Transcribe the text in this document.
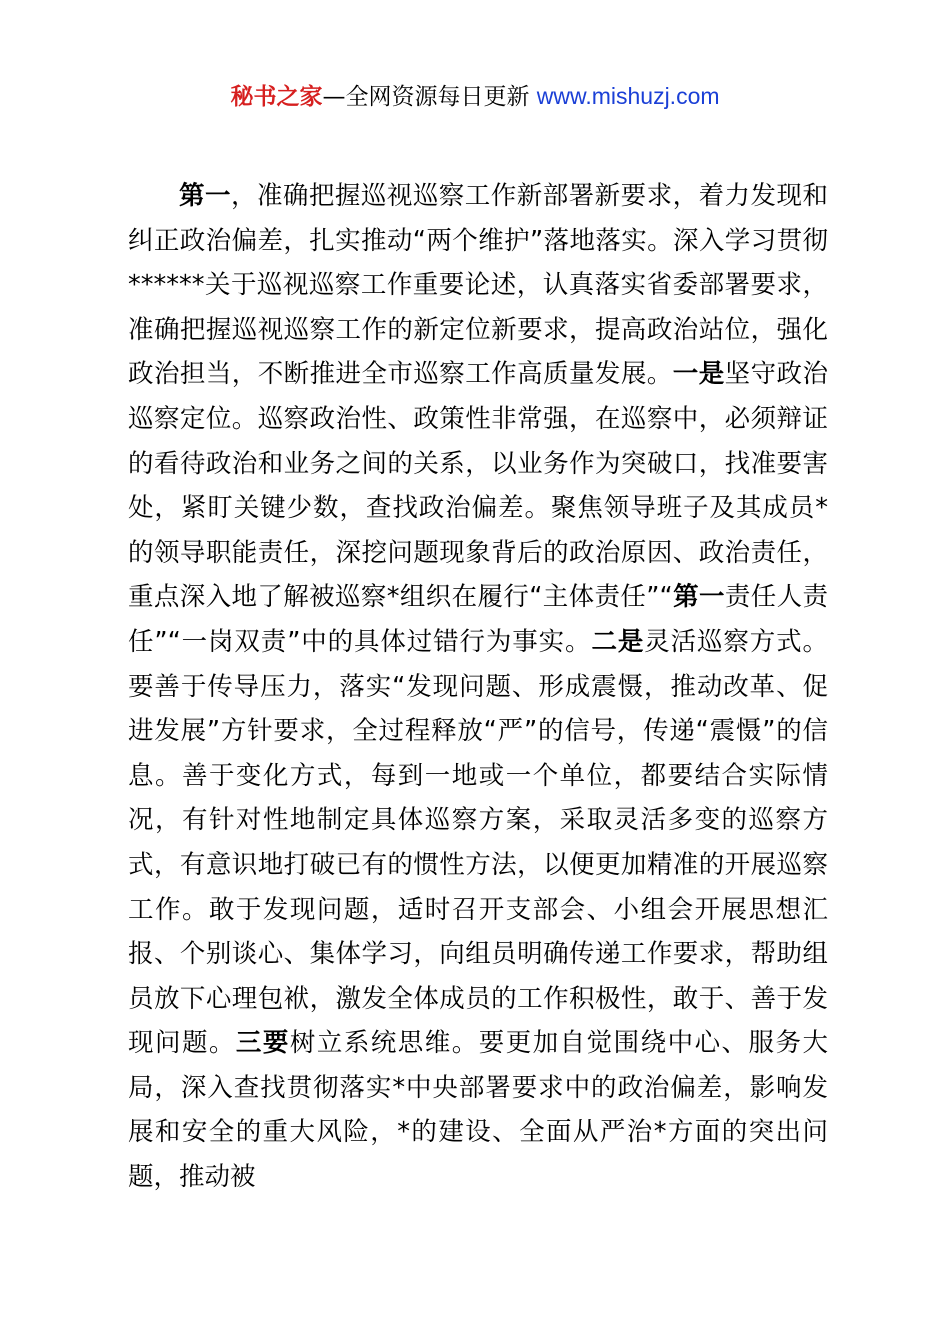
秘书之家—全网资源每日更新 www.mishuzj.com

第一，准确把握巡视巡察工作新部署新要求，着力发现和纠正政治偏差，扎实推动“两个维护”落地落实。深入学习贯彻******关于巡视巡察工作重要论述，认真落实省委部署要求，准确把握巡视巡察工作的新定位新要求，提高政治站位，强化政治担当，不断推进全市巡察工作高质量发展。一是坚守政治巡察定位。巡察政治性、政策性非常强，在巡察中，必须辩证的看待政治和业务之间的关系，以业务作为突破口，找准要害处，紧盯关键少数，查找政治偏差。聚焦领导班子及其成员*的领导职能责任，深挖问题现象背后的政治原因、政治责任，重点深入地了解被巡察*组织在履行“主体责任”“第一责任人责任”“一岗双责”中的具体过错行为事实。二是灵活巡察方式。要善于传导压力，落实“发现问题、形成震慑，推动改革、促进发展”方针要求，全过程释放“严”的信号，传递“震慑”的信息。善于变化方式，每到一地或一个单位，都要结合实际情况，有针对性地制定具体巡察方案，采取灵活多变的巡察方式，有意识地打破已有的惯性方法，以便更加精准的开展巡察工作。敢于发现问题，适时召开支部会、小组会开展思想汇报、个别谈心、集体学习，向组员明确传递工作要求，帮助组员放下心理包袱，激发全体成员的工作积极性，敢于、善于发现问题。三要树立系统思维。要更加自觉围绕中心、服务大局，深入查找贯彻落实*中央部署要求中的政治偏差，影响发展和安全的重大风险，*的建设、全面从严治*方面的突出问题，推动被
